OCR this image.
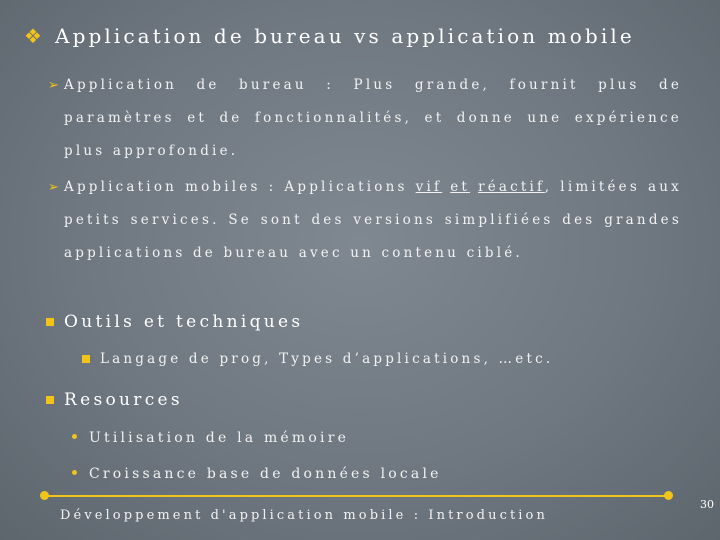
❖ Application de bureau vs application mobile
➢ Application de bureau : Plus grande, fournit plus de paramètres et de fonctionnalités, et donne une expérience plus approfondie.
➢ Application mobiles : Applications vif et réactif, limitées aux petits services. Se sont des versions simplifiées des grandes applications de bureau avec un contenu ciblé.
Outils et techniques
Langage de prog, Types d’applications, …etc.
Resources
Utilisation de la mémoire
Croissance base de données locale
Développement d'application mobile : Introduction
30
